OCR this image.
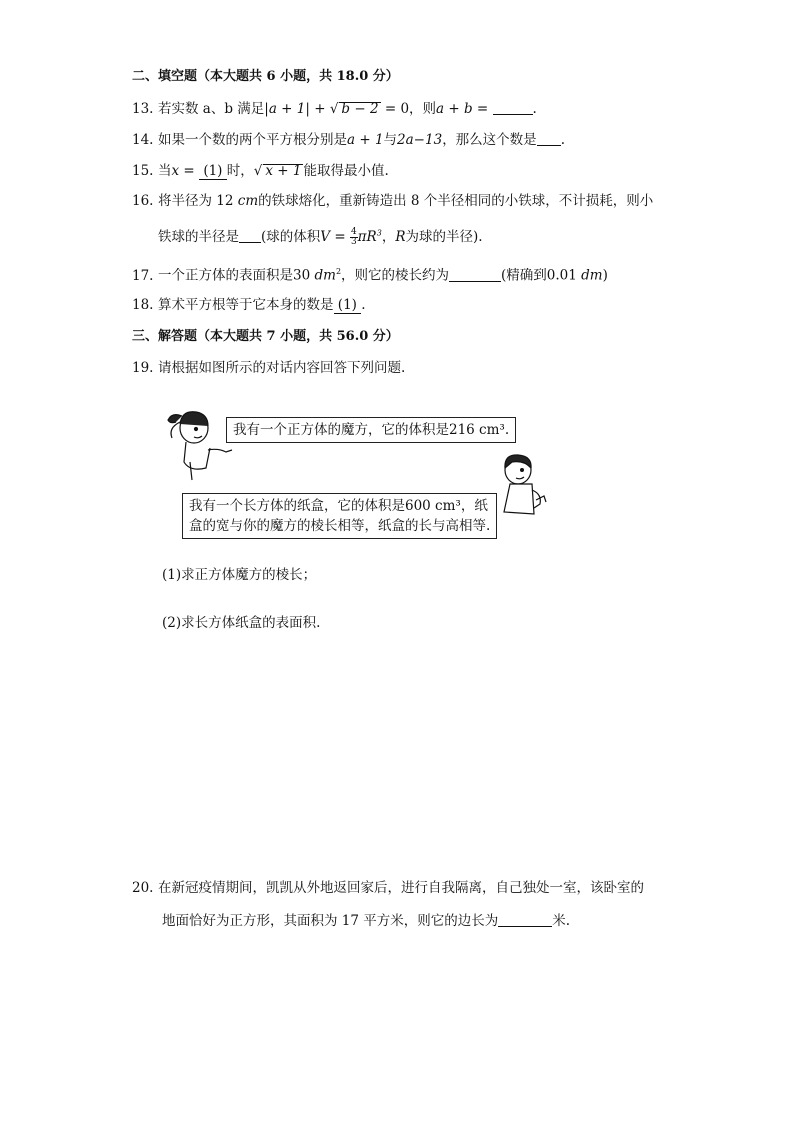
二、填空题（本大题共 6 小题，共 18.0 分）
13. 若实数 a、b 满足|a + 1| + √ b − 2 = 0，则a + b =	.
14. 如果一个数的两个平方根分别是a + 1与2a−13，那么这个数是 .
15. 当x =  (1) 时，√ x + 1 能取得最小值.
16. 将半径为 12 cm的铁球熔化，重新铸造出 8 个半径相同的小铁球，不计损耗，则小
铁球的半径是 (球的体积$V = \frac{4}{3} \pi R^3$，R为球的半径).
17. 一个正方体的表面积是30 $dm^2$，则它的棱长约为	(精确到0.01 dm)
18. 算术平方根等于它本身的数是 (1) .
三、解答题（本大题共 7 小题，共 56.0 分）
19. 请根据如图所示的对话内容回答下列问题.
我有一个正方体的魔方，它的体积是216 cm³.
我有一个长方体的纸盒，它的体积是600 cm³，纸
盒的宽与你的魔方的棱长相等，纸盒的长与高相等.
(1)求正方体魔方的棱长；
(2)求长方体纸盒的表面积.
20. 在新冠疫情期间，凯凯从外地返回家后，进行自我隔离，自己独处一室，该卧室的
地面恰好为正方形，其面积为 17 平方米，则它的边长为	米.
